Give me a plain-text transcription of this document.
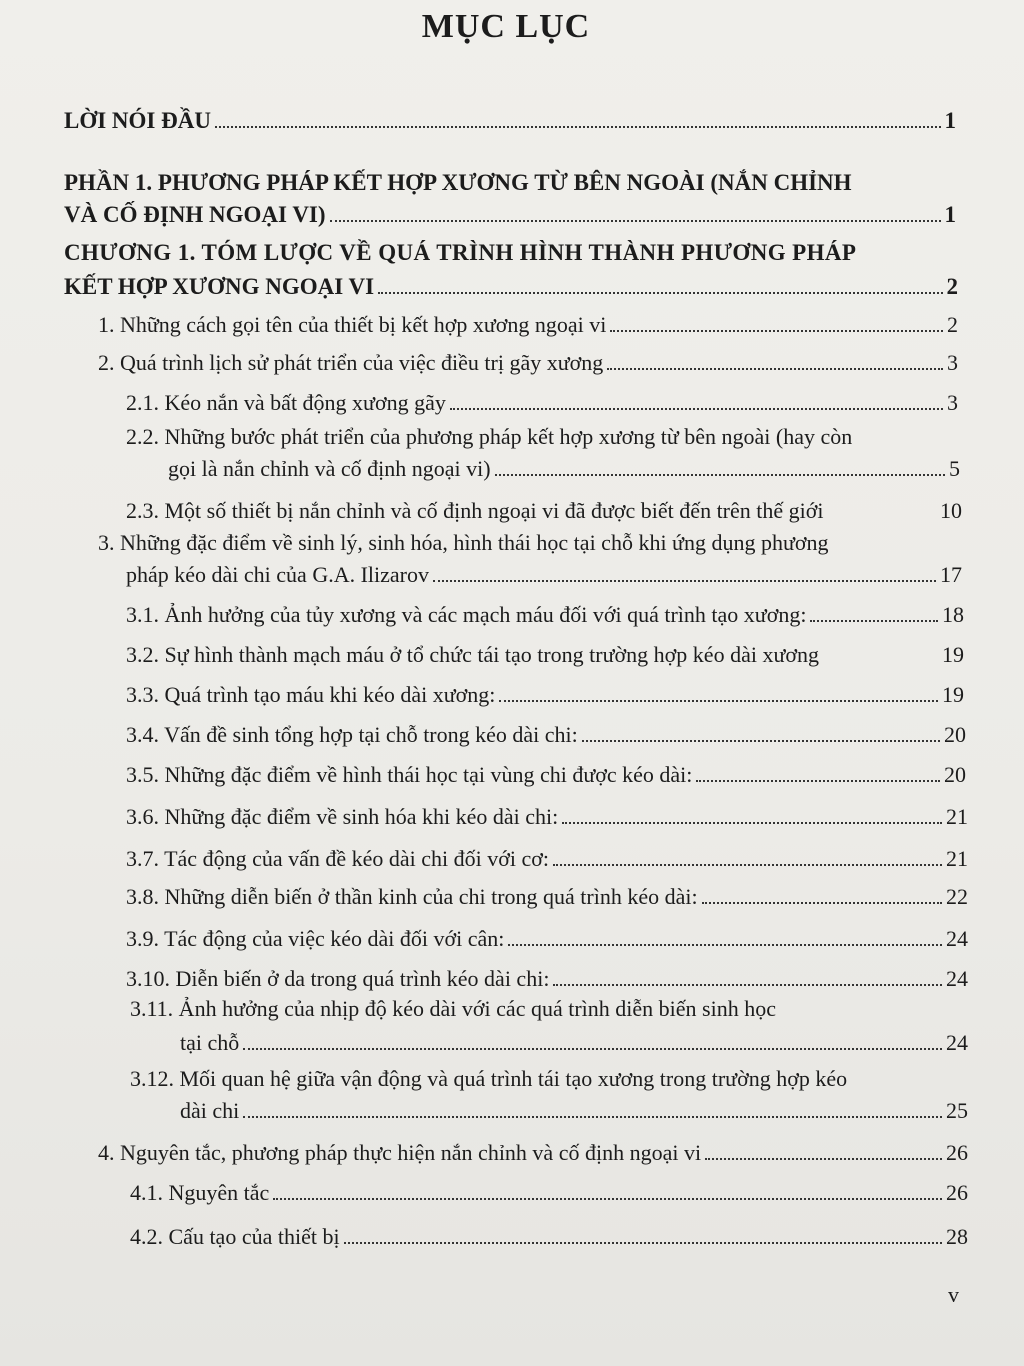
MỤC LỤC
LỜI NÓI ĐẦU	1
PHẦN 1. PHƯƠNG PHÁP KẾT HỢP XƯƠNG TỪ BÊN NGOÀI (NẮN CHỈNH
VÀ CỐ ĐỊNH NGOẠI VI)	1
CHƯƠNG 1. TÓM LƯỢC VỀ QUÁ TRÌNH HÌNH THÀNH PHƯƠNG PHÁP
KẾT HỢP XƯƠNG NGOẠI VI	2
1. Những cách gọi tên của thiết bị kết hợp xương ngoại vi	2
2. Quá trình lịch sử phát triển của việc điều trị gãy xương	3
2.1. Kéo nắn và bất động xương gãy	3
2.2. Những bước phát triển của phương pháp kết hợp xương từ bên ngoài (hay còn
gọi là nắn chỉnh và cố định ngoại vi)	5
2.3. Một số thiết bị nắn chỉnh và cố định ngoại vi đã được biết đến trên thế giới	10
3. Những đặc điểm về sinh lý, sinh hóa, hình thái học tại chỗ khi ứng dụng phương
pháp kéo dài chi của G.A. Ilizarov	17
3.1. Ảnh hưởng của tủy xương và các mạch máu đối với quá trình tạo xương:	18
3.2. Sự hình thành mạch máu ở tổ chức tái tạo trong trường hợp kéo dài xương	19
3.3. Quá trình tạo máu khi kéo dài xương:	19
3.4. Vấn đề sinh tổng hợp tại chỗ trong kéo dài chi:	20
3.5. Những đặc điểm về hình thái học tại vùng chi được kéo dài:	20
3.6. Những đặc điểm về sinh hóa khi kéo dài chi:	21
3.7. Tác động của vấn đề kéo dài chi đối với cơ:	21
3.8. Những diễn biến ở thần kinh của chi trong quá trình kéo dài:	22
3.9. Tác động của việc kéo dài đối với cân:	24
3.10. Diễn biến ở da trong quá trình kéo dài chi:	24
3.11. Ảnh hưởng của nhịp độ kéo dài với các quá trình diễn biến sinh học
tại chỗ	24
3.12. Mối quan hệ giữa vận động và quá trình tái tạo xương trong trường hợp kéo
dài chi	25
4. Nguyên tắc, phương pháp thực hiện nắn chỉnh và cố định ngoại vi	26
4.1. Nguyên tắc	26
4.2. Cấu tạo của thiết bị	28
v
